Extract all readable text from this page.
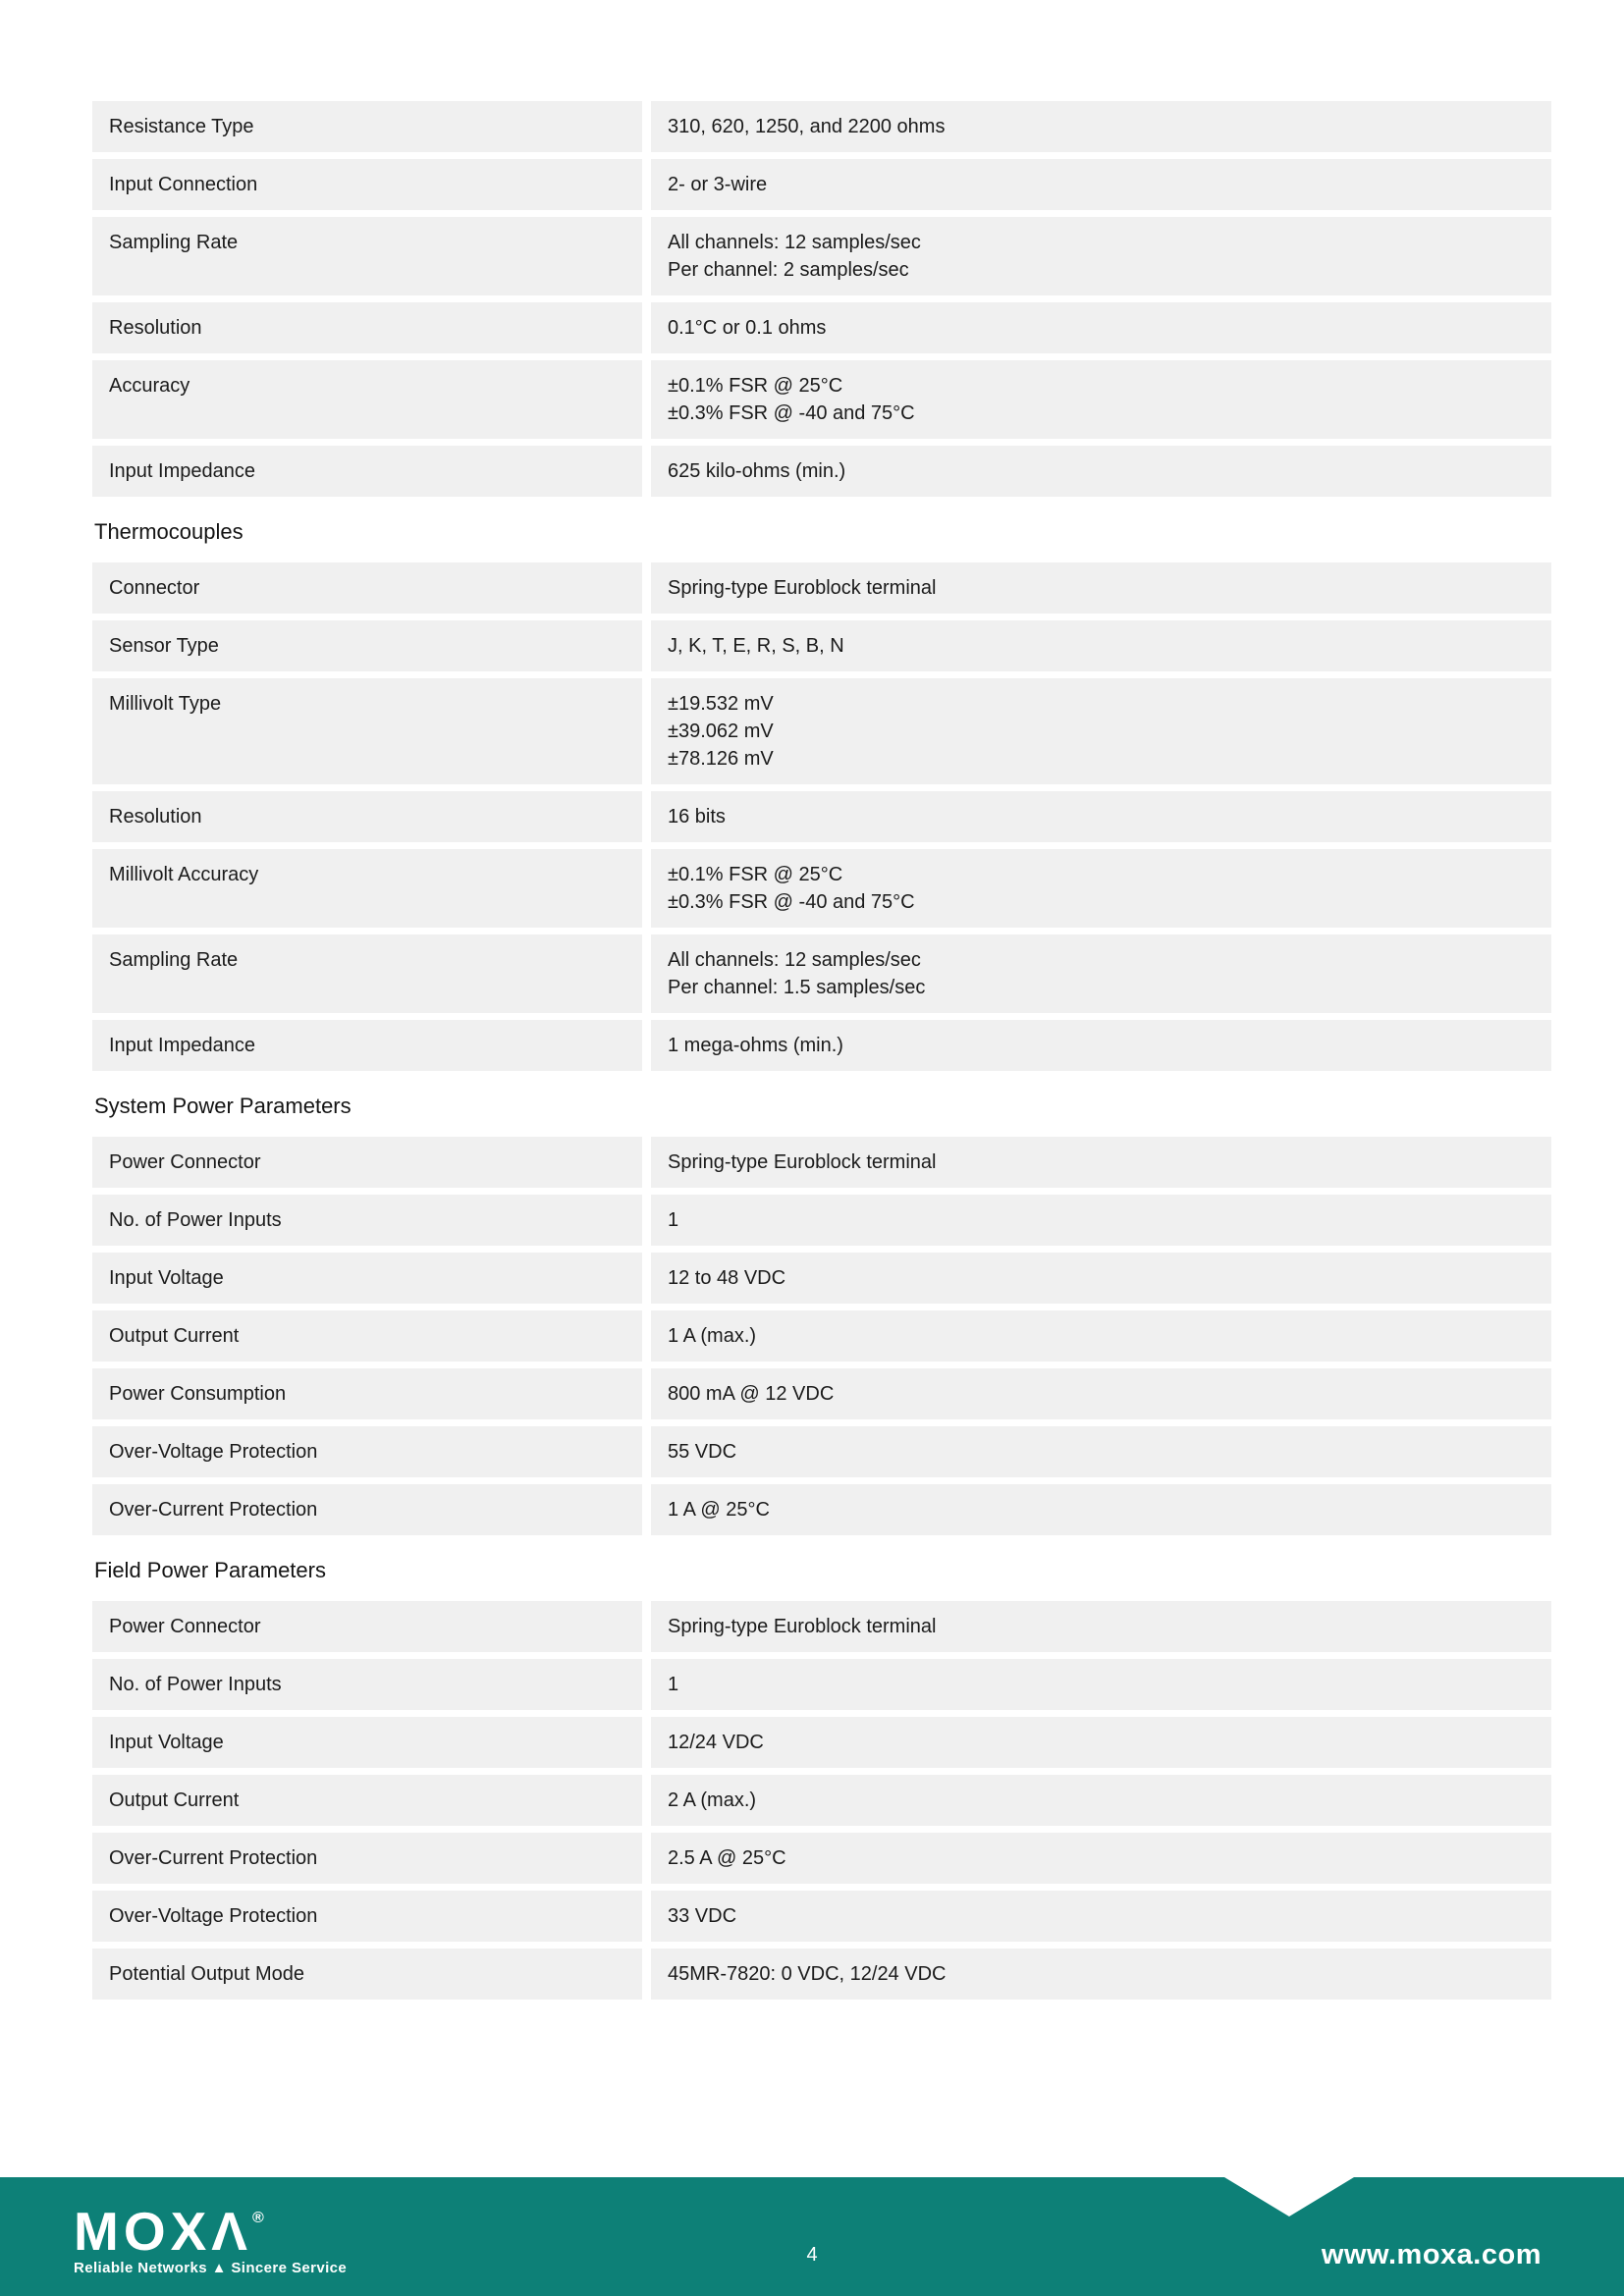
Resistance Type	310, 620, 1250, and 2200 ohms
Input Connection	2- or 3-wire
Sampling Rate	All channels: 12 samples/sec
Per channel: 2 samples/sec
Resolution	0.1°C or 0.1 ohms
Accuracy	±0.1% FSR @ 25°C
±0.3% FSR @ -40 and 75°C
Input Impedance	625 kilo-ohms (min.)
Thermocouples
Connector	Spring-type Euroblock terminal
Sensor Type	J, K, T, E, R, S, B, N
Millivolt Type	±19.532 mV
±39.062 mV
±78.126 mV
Resolution	16 bits
Millivolt Accuracy	±0.1% FSR @ 25°C
±0.3% FSR @ -40 and 75°C
Sampling Rate	All channels: 12 samples/sec
Per channel: 1.5 samples/sec
Input Impedance	1 mega-ohms (min.)
System Power Parameters
Power Connector	Spring-type Euroblock terminal
No. of Power Inputs	1
Input Voltage	12 to 48 VDC
Output Current	1 A (max.)
Power Consumption	800 mA @ 12 VDC
Over-Voltage Protection	55 VDC
Over-Current Protection	1 A @ 25°C
Field Power Parameters
Power Connector	Spring-type Euroblock terminal
No. of Power Inputs	1
Input Voltage	12/24 VDC
Output Current	2 A (max.)
Over-Current Protection	2.5 A @ 25°C
Over-Voltage Protection	33 VDC
Potential Output Mode	45MR-7820: 0 VDC, 12/24 VDC
MOXΛ®
Reliable Networks ▲ Sincere Service
4	www.moxa.com
